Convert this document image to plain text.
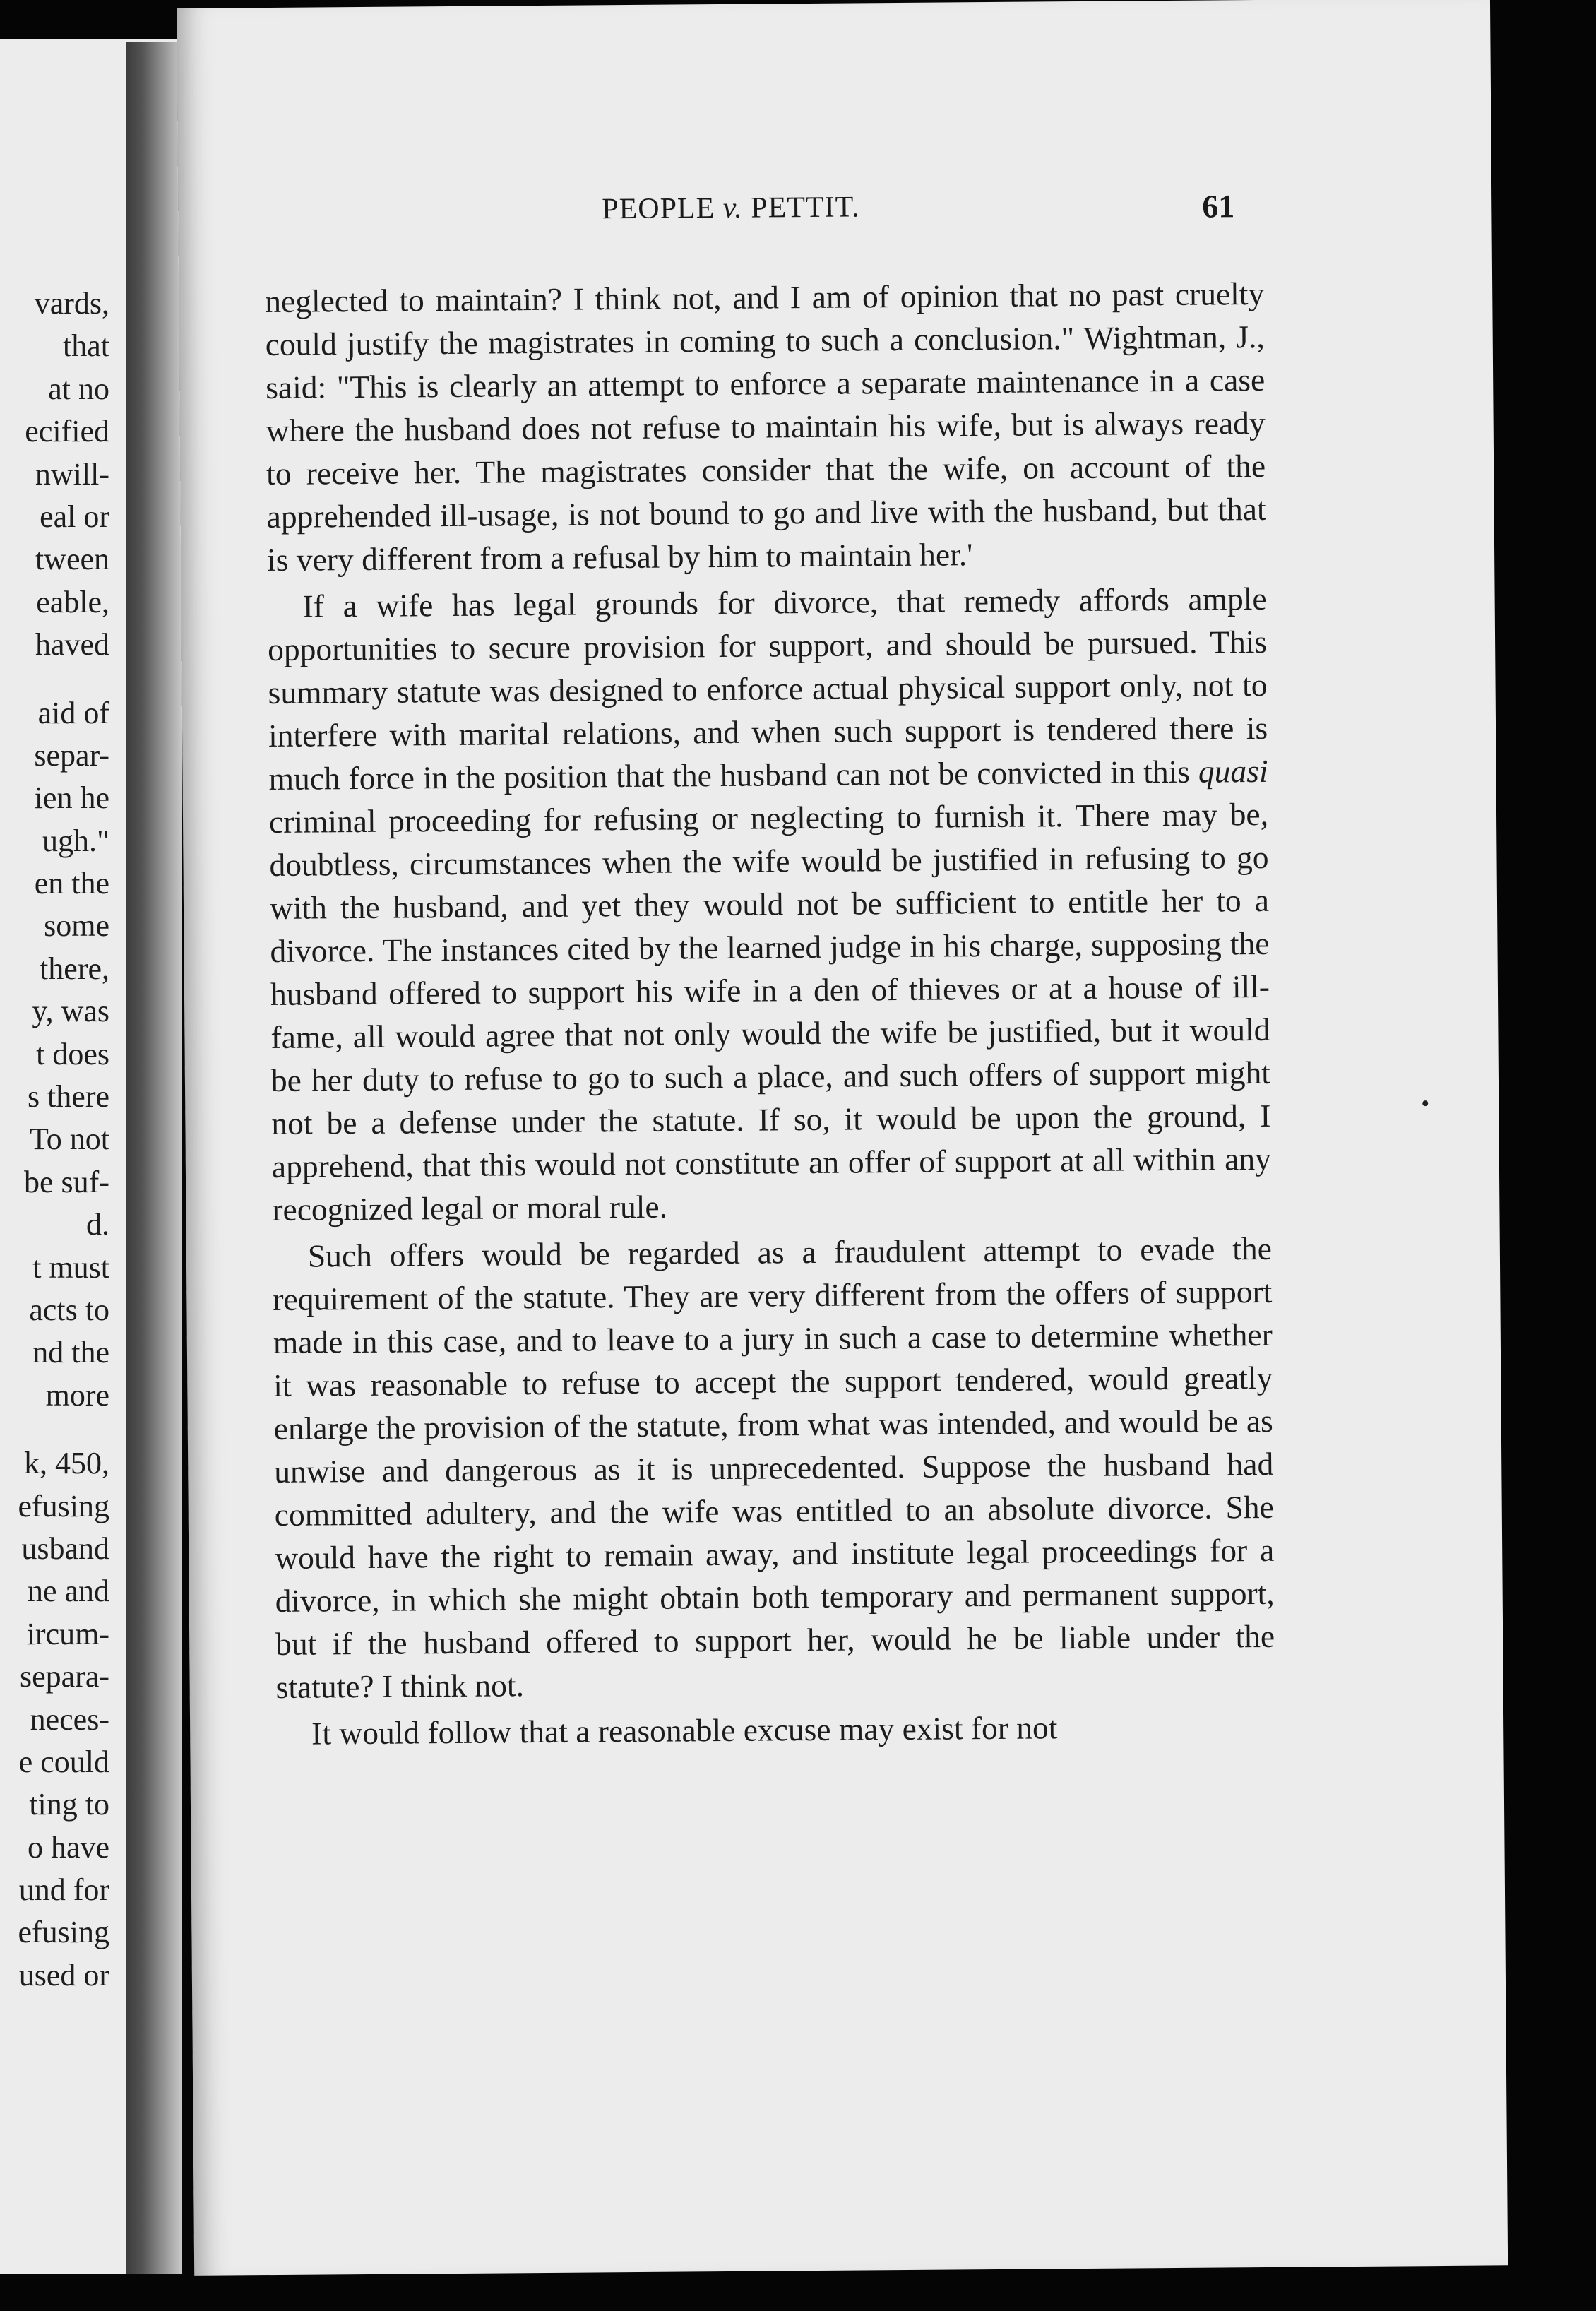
vards,
that
at no
ecified
nwill-
eal or
tween
eable,
haved
aid of
separ-
ien he
ugh."
en the
some
there,
y, was
t does
s there
To not
be suf-
d.
t must
acts to
nd the
more
k, 450,
efusing
usband
ne and
ircum-
separa-
neces-
e could
ting to
o have
und for
efusing
used or
PEOPLE v. PETTIT.	61

neglected to maintain? I think not, and I am of opinion that no past cruelty could justify the magistrates in coming to such a conclusion." Wightman, J., said: "This is clearly an attempt to enforce a separate maintenance in a case where the husband does not refuse to maintain his wife, but is always ready to receive her. The magistrates consider that the wife, on account of the apprehended ill-usage, is not bound to go and live with the husband, but that is very different from a refusal by him to maintain her.'

If a wife has legal grounds for divorce, that remedy affords ample opportunities to secure provision for support, and should be pursued. This summary statute was designed to enforce actual physical support only, not to interfere with marital relations, and when such support is tendered there is much force in the position that the husband can not be convicted in this quasi criminal proceeding for refusing or neglecting to furnish it. There may be, doubtless, circumstances when the wife would be justified in refusing to go with the husband, and yet they would not be sufficient to entitle her to a divorce. The instances cited by the learned judge in his charge, supposing the husband offered to support his wife in a den of thieves or at a house of ill-fame, all would agree that not only would the wife be justified, but it would be her duty to refuse to go to such a place, and such offers of support might not be a defense under the statute. If so, it would be upon the ground, I apprehend, that this would not constitute an offer of support at all within any recognized legal or moral rule.

Such offers would be regarded as a fraudulent attempt to evade the requirement of the statute. They are very different from the offers of support made in this case, and to leave to a jury in such a case to determine whether it was reasonable to refuse to accept the support tendered, would greatly enlarge the provision of the statute, from what was intended, and would be as unwise and dangerous as it is unprecedented. Suppose the husband had committed adultery, and the wife was entitled to an absolute divorce. She would have the right to remain away, and institute legal proceedings for a divorce, in which she might obtain both temporary and permanent support, but if the husband offered to support her, would he be liable under the statute? I think not.

It would follow that a reasonable excuse may exist for not
